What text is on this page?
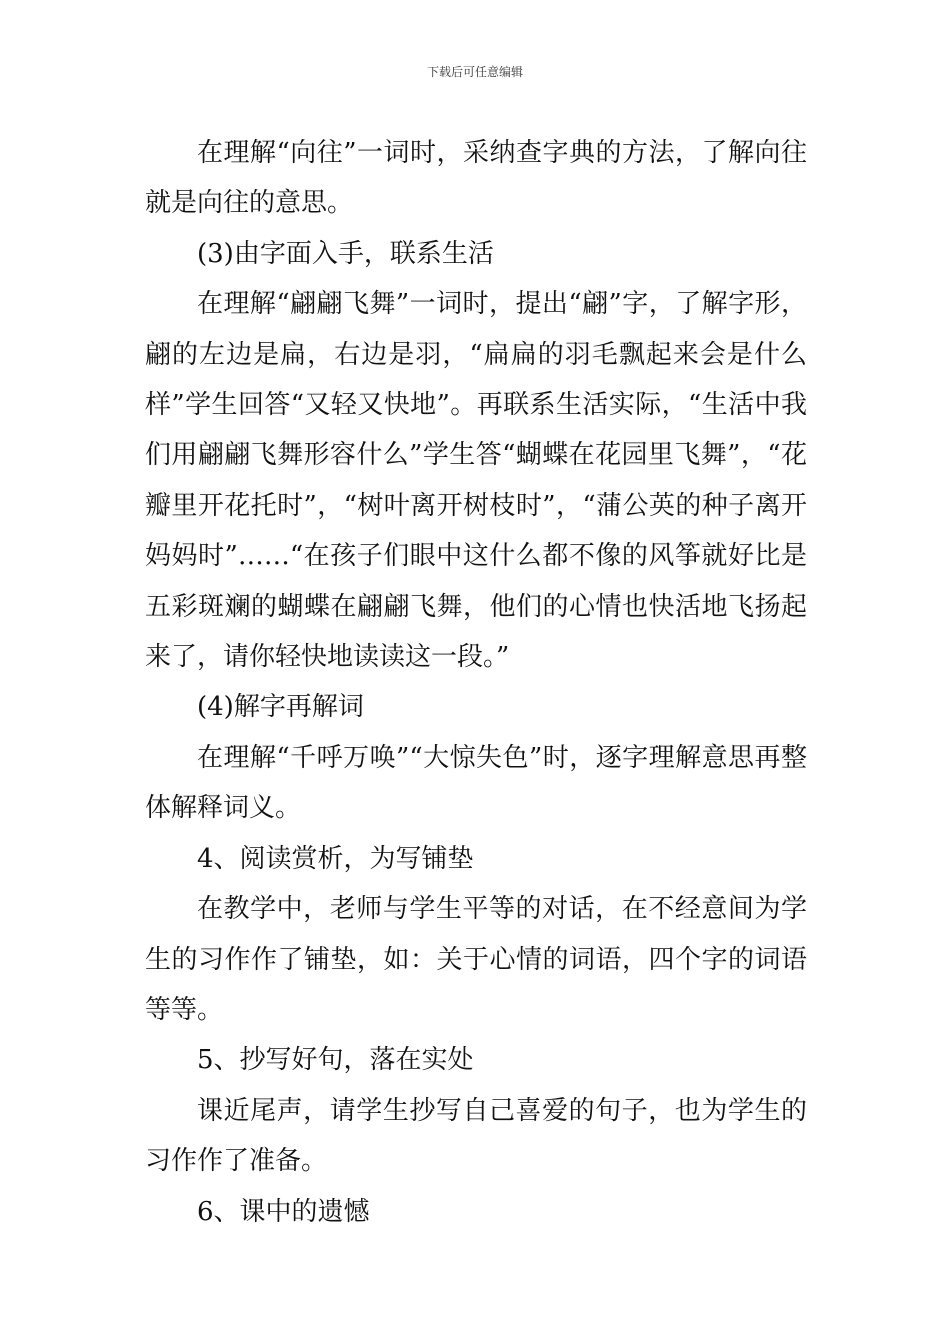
下载后可任意编辑

在理解“向往”一词时，采纳查字典的方法，了解向往就是向往的意思。

(3)由字面入手，联系生活

在理解“翩翩飞舞”一词时，提出“翩”字，了解字形，翩的左边是扁，右边是羽，“扁扁的羽毛飘起来会是什么样”学生回答“又轻又快地”。再联系生活实际，“生活中我们用翩翩飞舞形容什么”学生答“蝴蝶在花园里飞舞”，“花瓣里开花托时”，“树叶离开树枝时”，“蒲公英的种子离开妈妈时”……“在孩子们眼中这什么都不像的风筝就好比是五彩斑斓的蝴蝶在翩翩飞舞，他们的心情也快活地飞扬起来了，请你轻快地读读这一段。”

(4)解字再解词

在理解“千呼万唤”“大惊失色”时，逐字理解意思再整体解释词义。

4、阅读赏析，为写铺垫

在教学中，老师与学生平等的对话，在不经意间为学生的习作作了铺垫，如：关于心情的词语，四个字的词语等等。

5、抄写好句，落在实处

课近尾声，请学生抄写自己喜爱的句子，也为学生的习作作了准备。

6、课中的遗憾
